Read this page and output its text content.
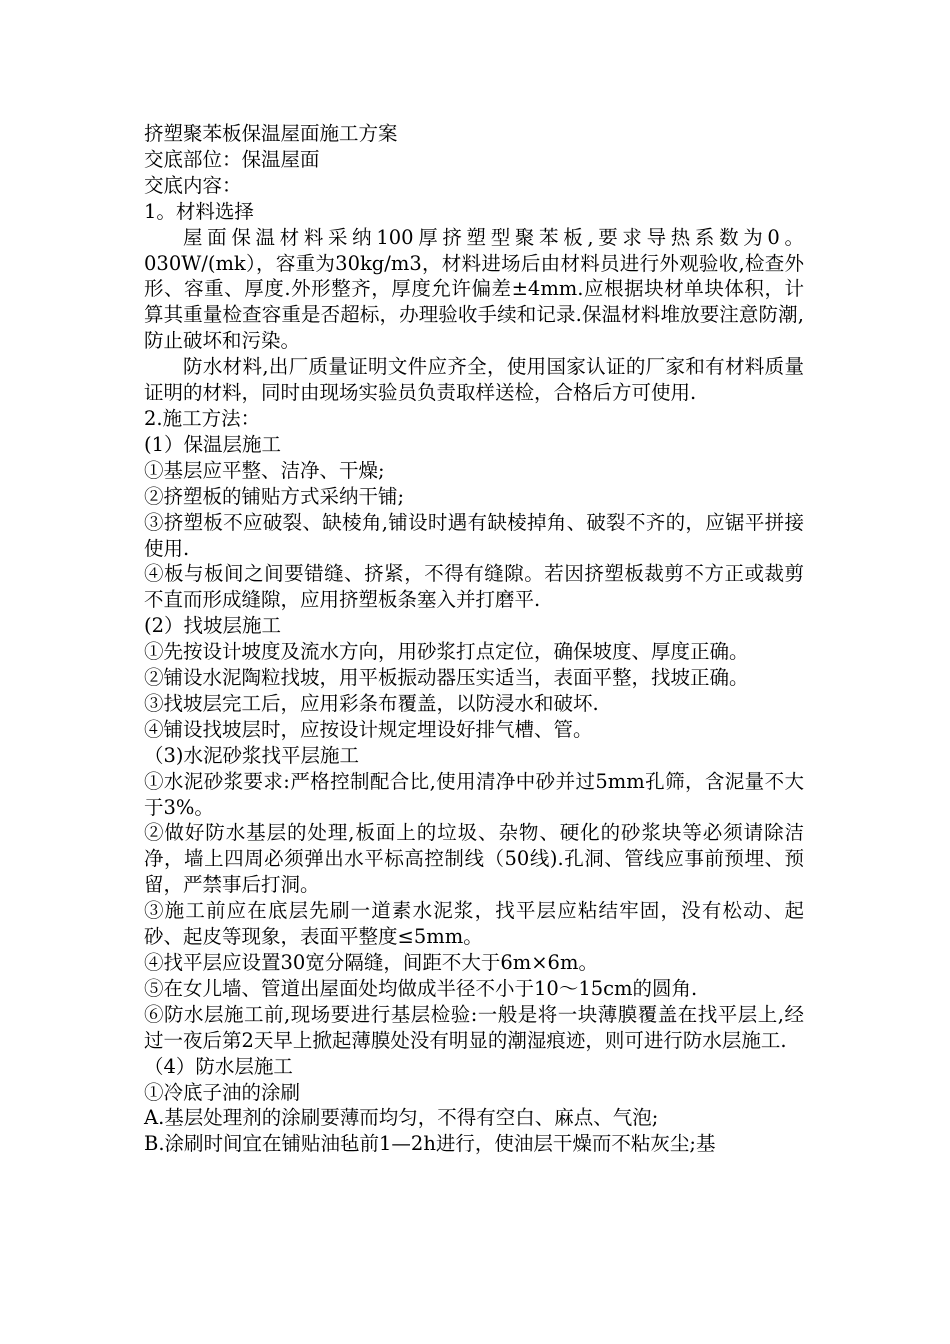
挤塑聚苯板保温屋面施工方案
交底部位：保温屋面
交底内容：
1。材料选择

屋面保温材料采纳100厚挤塑型聚苯板,要求导热系数为0。030W/(mk），容重为30kg/m3，材料进场后由材料员进行外观验收,检查外形、容重、厚度.外形整齐，厚度允许偏差±4mm.应根据块材单块体积，计算其重量检查容重是否超标，办理验收手续和记录.保温材料堆放要注意防潮,防止破坏和污染。

防水材料,出厂质量证明文件应齐全，使用国家认证的厂家和有材料质量证明的材料，同时由现场实验员负责取样送检，合格后方可使用.

2.施工方法：
(1）保温层施工

①基层应平整、洁净、干燥;

②挤塑板的铺贴方式采纳干铺;

③挤塑板不应破裂、缺棱角,铺设时遇有缺棱掉角、破裂不齐的，应锯平拼接使用.

④板与板间之间要错缝、挤紧，不得有缝隙。若因挤塑板裁剪不方正或裁剪不直而形成缝隙，应用挤塑板条塞入并打磨平.

(2）找坡层施工

①先按设计坡度及流水方向，用砂浆打点定位，确保坡度、厚度正确。

②铺设水泥陶粒找坡，用平板振动器压实适当，表面平整，找坡正确。

③找坡层完工后，应用彩条布覆盖，以防浸水和破坏.

④铺设找坡层时，应按设计规定埋设好排气槽、管。

（3)水泥砂浆找平层施工

①水泥砂浆要求:严格控制配合比,使用清净中砂并过5mm孔筛，含泥量不大于3%。

②做好防水基层的处理,板面上的垃圾、杂物、硬化的砂浆块等必须请除洁净，墙上四周必须弹出水平标高控制线（50线).孔洞、管线应事前预埋、预留，严禁事后打洞。

③施工前应在底层先刷一道素水泥浆，找平层应粘结牢固，没有松动、起砂、起皮等现象，表面平整度≤5mm。

④找平层应设置30宽分隔缝，间距不大于6m×6m。

⑤在女儿墙、管道出屋面处均做成半径不小于10～15cm的圆角.

⑥防水层施工前,现场要进行基层检验:一般是将一块薄膜覆盖在找平层上,经过一夜后第2天早上掀起薄膜处没有明显的潮湿痕迹，则可进行防水层施工.

（4）防水层施工

①冷底子油的涂刷

A.基层处理剂的涂刷要薄而均匀，不得有空白、麻点、气泡;

B.涂刷时间宜在铺贴油毡前1—2h进行，使油层干燥而不粘灰尘;基
